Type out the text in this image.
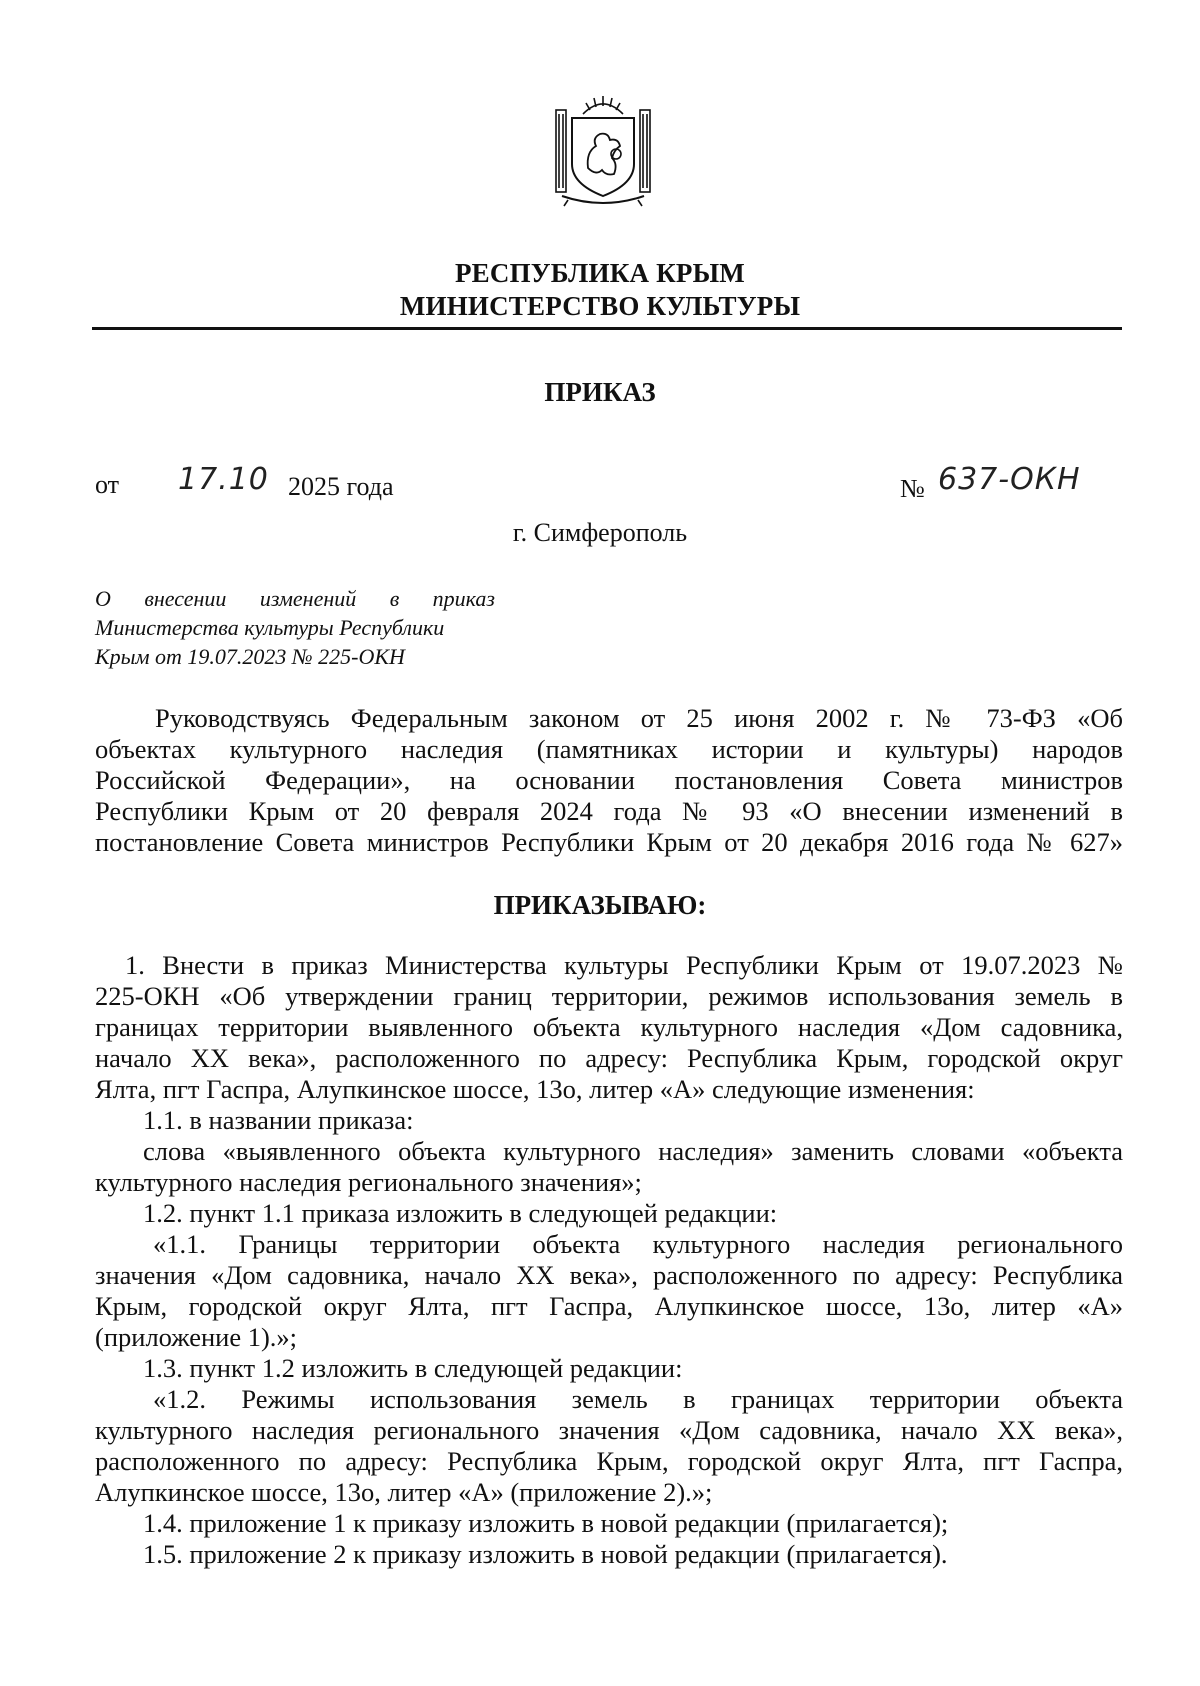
РЕСПУБЛИКА КРЫМ
МИНИСТЕРСТВО КУЛЬТУРЫ
ПРИКАЗ
от 17.10 2025 года	№ 637-ОКН
г. Симферополь
О внесении изменений в приказ
Министерства культуры Республики
Крым от 19.07.2023 № 225-ОКН
Руководствуясь Федеральным законом от 25 июня 2002 г. № 73-ФЗ «Об
объектах культурного наследия (памятниках истории и культуры) народов
Российской Федерации», на основании постановления Совета министров
Республики Крым от 20 февраля 2024 года № 93 «О внесении изменений в
постановление Совета министров Республики Крым от 20 декабря 2016 года № 627»
ПРИКАЗЫВАЮ:
1. Внести в приказ Министерства культуры Республики Крым от 19.07.2023 №
225-ОКН «Об утверждении границ территории, режимов использования земель в
границах территории выявленного объекта культурного наследия «Дом садовника,
начало XX века», расположенного по адресу: Республика Крым, городской округ
Ялта, пгт Гаспра, Алупкинское шоссе, 13о, литер «А» следующие изменения:
1.1. в названии приказа:
слова «выявленного объекта культурного наследия» заменить словами «объекта
культурного наследия регионального значения»;
1.2. пункт 1.1 приказа изложить в следующей редакции:
«1.1. Границы территории объекта культурного наследия регионального
значения «Дом садовника, начало XX века», расположенного по адресу: Республика
Крым, городской округ Ялта, пгт Гаспра, Алупкинское шоссе, 13о, литер «А»
(приложение 1).»;
1.3. пункт 1.2 изложить в следующей редакции:
«1.2. Режимы использования земель в границах территории объекта
культурного наследия регионального значения «Дом садовника, начало XX века»,
расположенного по адресу: Республика Крым, городской округ Ялта, пгт Гаспра,
Алупкинское шоссе, 13о, литер «А» (приложение 2).»;
1.4. приложение 1 к приказу изложить в новой редакции (прилагается);
1.5. приложение 2 к приказу изложить в новой редакции (прилагается).
